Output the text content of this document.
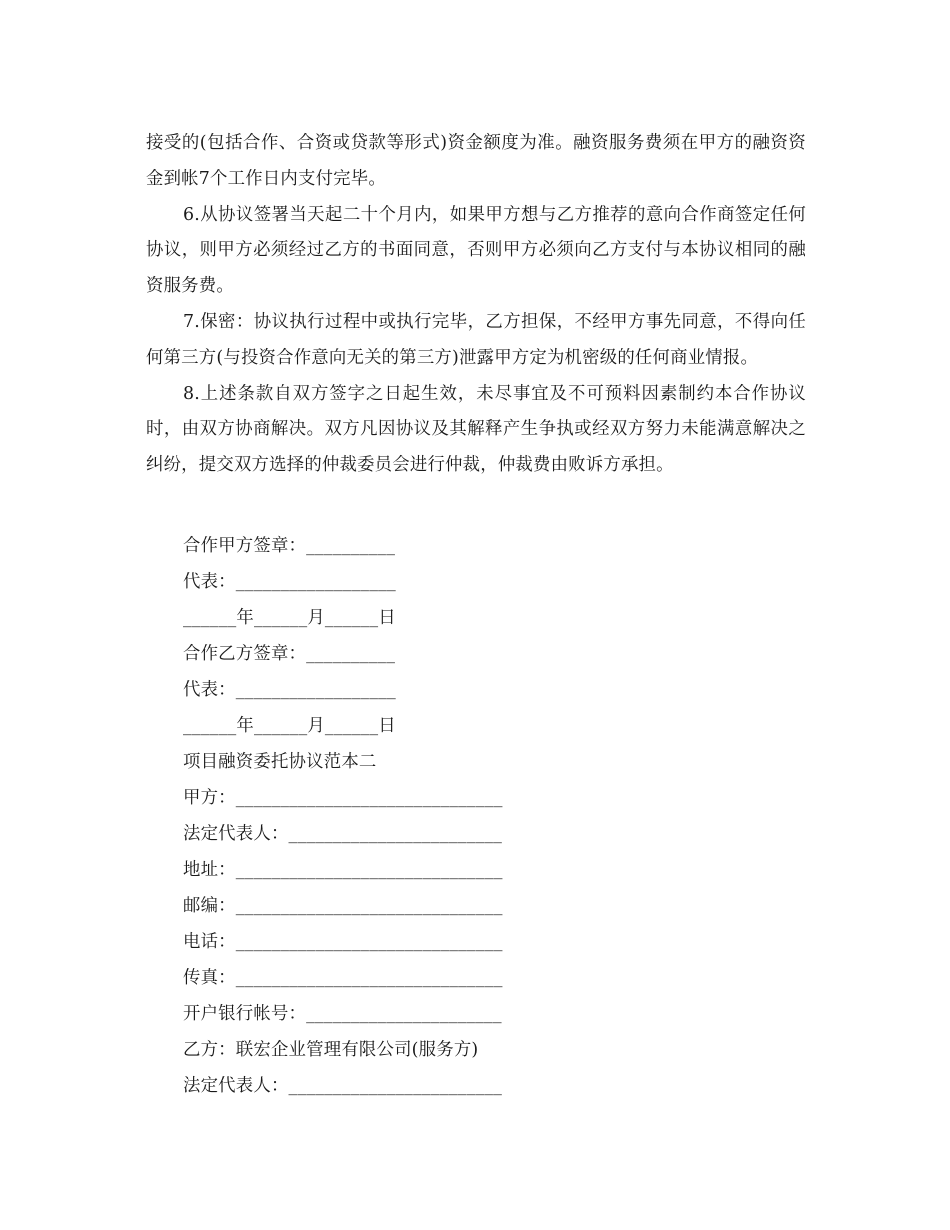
接受的(包括合作、合资或贷款等形式)资金额度为准。融资服务费须在甲方的融资资金到帐7个工作日内支付完毕。

6.从协议签署当天起二十个月内，如果甲方想与乙方推荐的意向合作商签定任何协议，则甲方必须经过乙方的书面同意，否则甲方必须向乙方支付与本协议相同的融资服务费。

7.保密：协议执行过程中或执行完毕，乙方担保，不经甲方事先同意，不得向任何第三方(与投资合作意向无关的第三方)泄露甲方定为机密级的任何商业情报。

8.上述条款自双方签字之日起生效，未尽事宜及不可预料因素制约本合作协议时，由双方协商解决。双方凡因协议及其解释产生争执或经双方努力未能满意解决之纠纷，提交双方选择的仲裁委员会进行仲裁，仲裁费由败诉方承担。

合作甲方签章：__________
代表：__________________
______年______月______日
合作乙方签章：__________
代表：__________________
______年______月______日
项目融资委托协议范本二
甲方：______________________________
法定代表人：________________________
地址：______________________________
邮编：______________________________
电话：______________________________
传真：______________________________
开户银行帐号：______________________
乙方：联宏企业管理有限公司(服务方)
法定代表人：________________________
